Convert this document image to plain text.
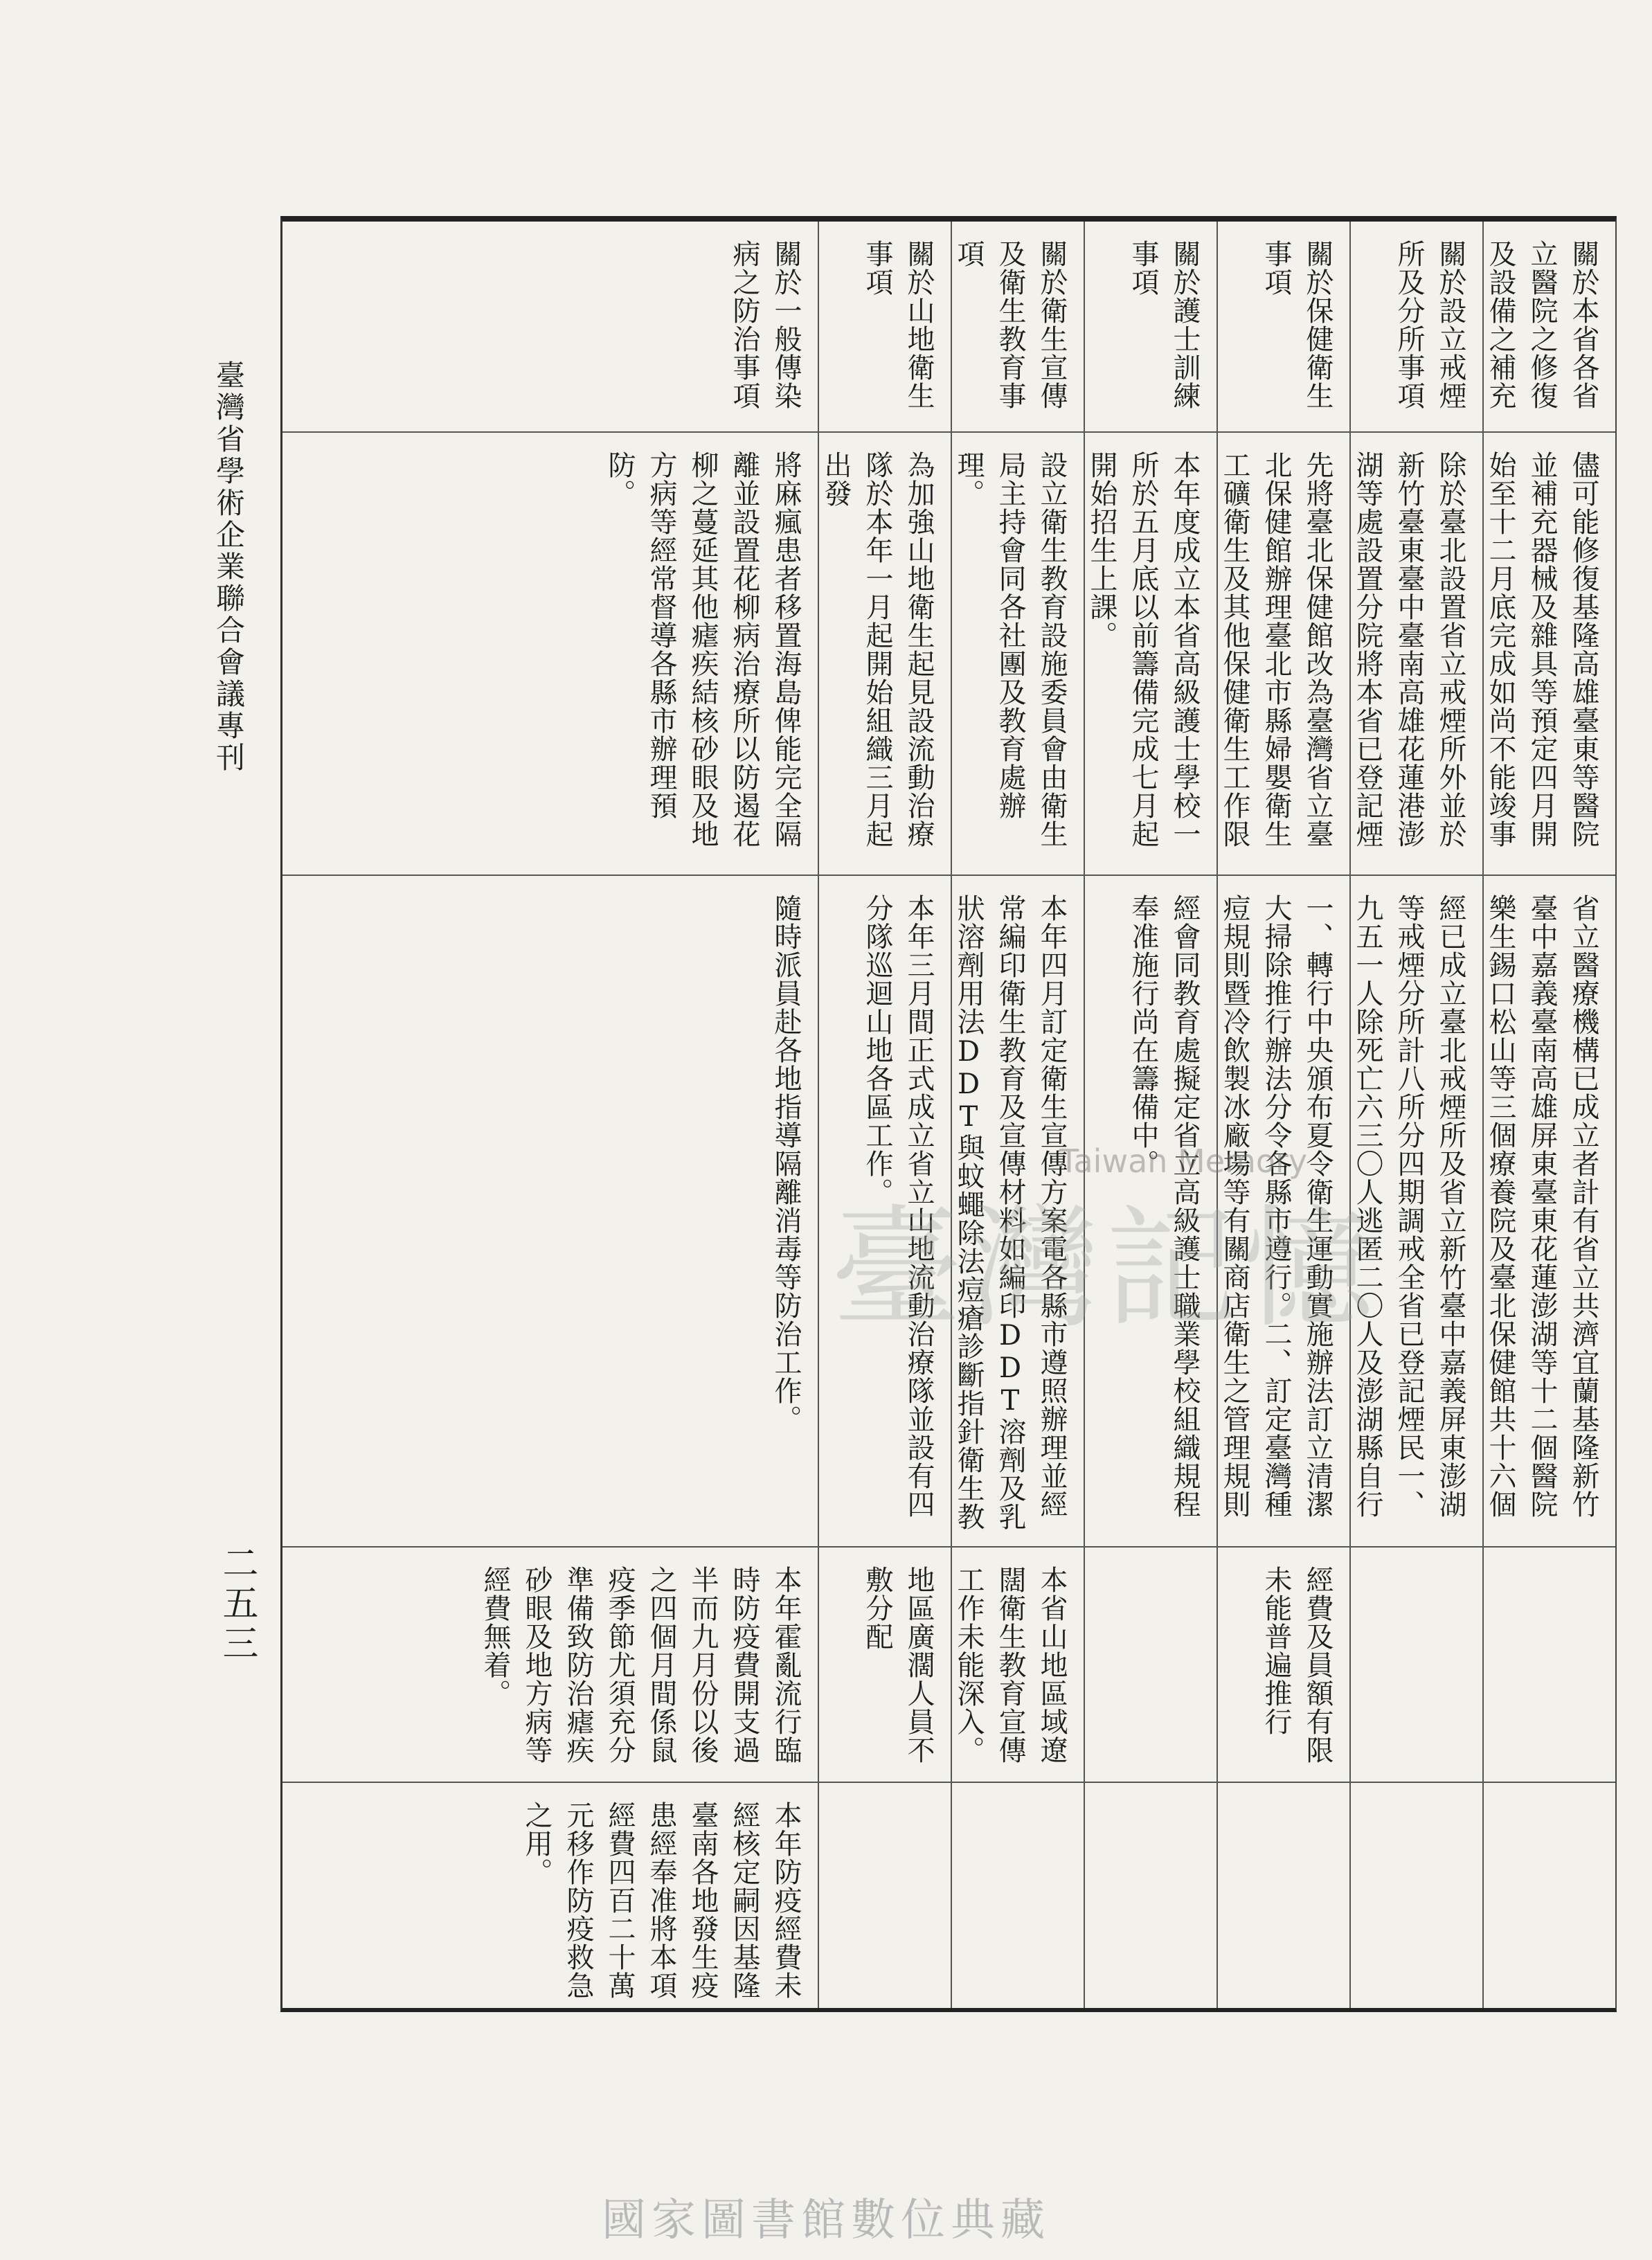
臺灣省學術企業聯合會議專刊
二五三
關於本省各省立醫院之修復及設備之補充
儘可能修復基隆高雄臺東等醫院並補充器械及雜具等預定四月開始至十二月底完成如尚不能竣事
省立醫療機構已成立者計有省立共濟宜蘭基隆新竹臺中嘉義臺南高雄屏東臺東花蓮澎湖等十二個醫院樂生錫口松山等三個療養院及臺北保健館共十六個
關於設立戒煙所及分所事項
除於臺北設置省立戒煙所外並於新竹臺東臺中臺南高雄花蓮港澎湖等處設置分院將本省已登記煙
經已成立臺北戒煙所及省立新竹臺中嘉義屏東澎湖等戒煙分所計八所分四期調戒全省已登記煙民一、九五一人除死亡六三〇人逃匿二〇人及澎湖縣自行
關於保健衛生事項
先將臺北保健館改為臺灣省立臺北保健館辦理臺北市縣婦嬰衛生工礦衛生及其他保健衛生工作限
一、轉行中央頒布夏令衛生運動實施辦法訂立清潔大掃除推行辦法分令各縣市遵行。二、訂定臺灣種痘規則暨冷飲製冰廠場等有關商店衛生之管理規則
經費及員額有限未能普遍推行
關於護士訓練事項
本年度成立本省高級護士學校一所於五月底以前籌備完成七月起開始招生上課。
經會同教育處擬定省立高級護士職業學校組織規程奉准施行尚在籌備中。
關於衛生宣傳及衛生教育事項
設立衛生教育設施委員會由衛生局主持會同各社團及教育處辦理。
本年四月訂定衛生宣傳方案電各縣市遵照辦理並經常編印衛生教育及宣傳材料如編印DDT溶劑及乳狀溶劑用法DDT與蚊蠅除法痘瘡診斷指針衛生教
本省山地區域遼闊衛生教育宣傳工作未能深入。
關於山地衛生事項
為加強山地衛生起見設流動治療隊於本年一月起開始組織三月起出發
本年三月間正式成立省立山地流動治療隊並設有四分隊巡迴山地各區工作。
地區廣濶人員不敷分配
關於一般傳染病之防治事項
將麻瘋患者移置海島俾能完全隔離並設置花柳病治療所以防遏花柳之蔓延其他瘧疾結核砂眼及地方病等經常督導各縣市辦理預防。
隨時派員赴各地指導隔離消毒等防治工作。
本年霍亂流行臨時防疫費開支過半而九月份以後之四個月間係鼠疫季節尤須充分準備致防治瘧疾砂眼及地方病等經費無着。
本年防疫經費未經核定嗣因基隆臺南各地發生疫患經奉准將本項經費四百二十萬元移作防疫救急之用。
臺灣記憶
Taiwan Memory
國家圖書館數位典藏
